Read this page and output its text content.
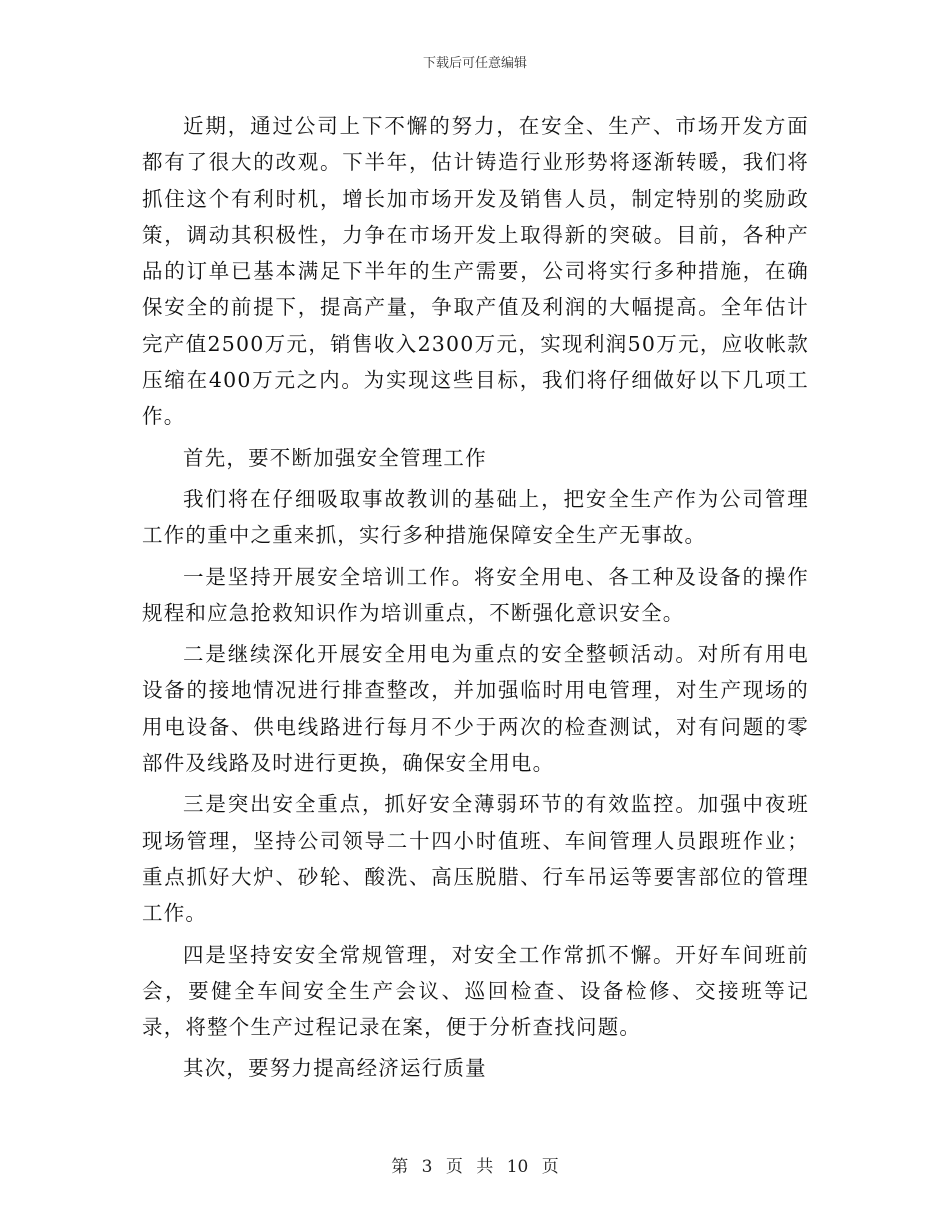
下载后可任意编辑

近期，通过公司上下不懈的努力，在安全、生产、市场开发方面都有了很大的改观。下半年，估计铸造行业形势将逐渐转暖，我们将抓住这个有利时机，增长加市场开发及销售人员，制定特别的奖励政策，调动其积极性，力争在市场开发上取得新的突破。目前，各种产品的订单已基本满足下半年的生产需要，公司将实行多种措施，在确保安全的前提下，提高产量，争取产值及利润的大幅提高。全年估计完产值2500万元，销售收入2300万元，实现利润50万元，应收帐款压缩在400万元之内。为实现这些目标，我们将仔细做好以下几项工作。

首先，要不断加强安全管理工作

我们将在仔细吸取事故教训的基础上，把安全生产作为公司管理工作的重中之重来抓，实行多种措施保障安全生产无事故。

一是坚持开展安全培训工作。将安全用电、各工种及设备的操作规程和应急抢救知识作为培训重点，不断强化意识安全。

二是继续深化开展安全用电为重点的安全整顿活动。对所有用电设备的接地情况进行排查整改，并加强临时用电管理，对生产现场的用电设备、供电线路进行每月不少于两次的检查测试，对有问题的零部件及线路及时进行更换，确保安全用电。

三是突出安全重点，抓好安全薄弱环节的有效监控。加强中夜班现场管理，坚持公司领导二十四小时值班、车间管理人员跟班作业；重点抓好大炉、砂轮、酸洗、高压脱腊、行车吊运等要害部位的管理工作。

四是坚持安安全常规管理，对安全工作常抓不懈。开好车间班前会，要健全车间安全生产会议、巡回检查、设备检修、交接班等记录，将整个生产过程记录在案，便于分析查找问题。

其次，要努力提高经济运行质量

第 3 页 共 10 页
